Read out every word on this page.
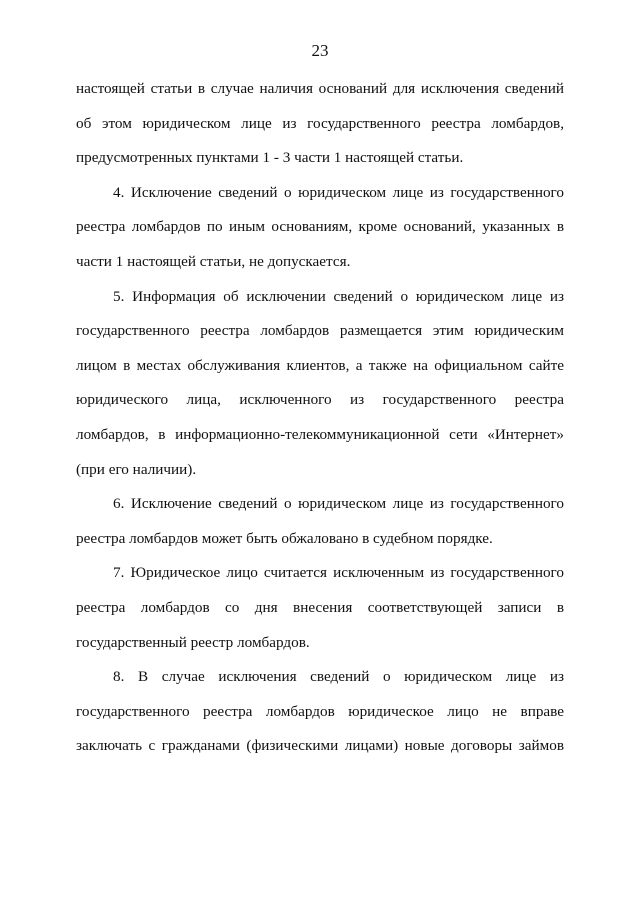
23
настоящей статьи в случае наличия оснований для исключения сведений
об этом юридическом лице из государственного реестра ломбардов,
предусмотренных пунктами 1 - 3 части 1 настоящей статьи.
4. Исключение сведений о юридическом лице из государственного
реестра ломбардов по иным основаниям, кроме оснований, указанных в
части 1 настоящей статьи, не допускается.
5. Информация об исключении сведений о юридическом лице из
государственного реестра ломбардов размещается этим юридическим
лицом в местах обслуживания клиентов, а также на официальном сайте
юридического лица, исключенного из государственного реестра
ломбардов, в информационно-телекоммуникационной сети «Интернет»
(при его наличии).
6. Исключение сведений о юридическом лице из государственного
реестра ломбардов может быть обжаловано в судебном порядке.
7. Юридическое лицо считается исключенным из государственного
реестра ломбардов со дня внесения соответствующей записи в
государственный реестр ломбардов.
8. В случае исключения сведений о юридическом лице из
государственного реестра ломбардов юридическое лицо не вправе
заключать с гражданами (физическими лицами) новые договоры займов
